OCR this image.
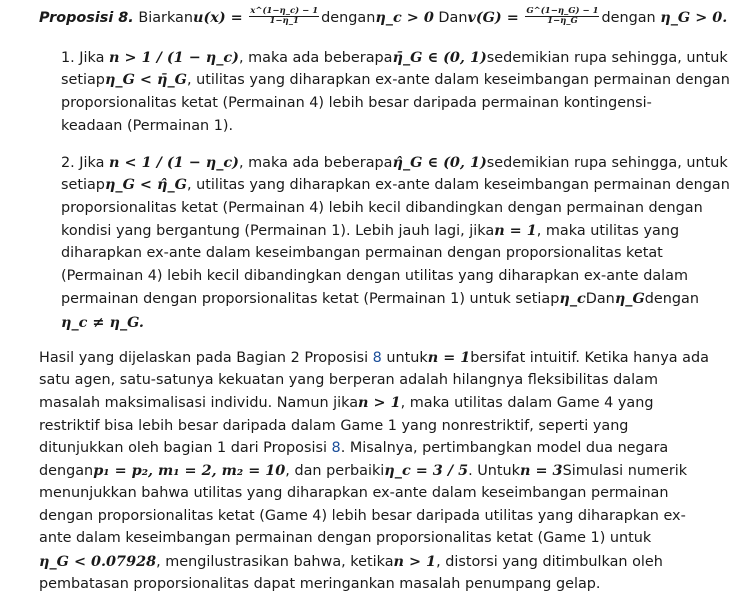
Proposisi 8. Biarkanu(x) = $\frac{x\^{}(1-\eta\_c) - 1}{1-\eta\_1}$ denganη_c > 0 Danv(G) = $\frac{G\^{}(1-\eta\_G) - 1}{1-\eta\_G}$ dengan η_G > 0.
1. Jika n > 1 / (1 − η_c), maka ada beberapaη̄_G ∈ (0, 1)sedemikian rupa sehingga, untuk
setiapη_G < η̄_G, utilitas yang diharapkan ex-ante dalam keseimbangan permainan dengan
proporsionalitas ketat (Permainan 4) lebih besar daripada permainan kontingensi-
keadaan (Permainan 1).
2. Jika n < 1 / (1 − η_c), maka ada beberapaη̂_G ∈ (0, 1)sedemikian rupa sehingga, untuk
setiapη_G < η̂_G, utilitas yang diharapkan ex-ante dalam keseimbangan permainan dengan
proporsionalitas ketat (Permainan 4) lebih kecil dibandingkan dengan permainan dengan
kondisi yang bergantung (Permainan 1). Lebih jauh lagi, jikan = 1, maka utilitas yang
diharapkan ex-ante dalam keseimbangan permainan dengan proporsionalitas ketat
(Permainan 4) lebih kecil dibandingkan dengan utilitas yang diharapkan ex-ante dalam
permainan dengan proporsionalitas ketat (Permainan 1) untuk setiapη_cDanη_Gdengan
η_c ≠ η_G.
Hasil yang dijelaskan pada Bagian 2 Proposisi 8 untukn = 1bersifat intuitif. Ketika hanya ada
satu agen, satu-satunya kekuatan yang berperan adalah hilangnya fleksibilitas dalam
masalah maksimalisasi individu. Namun jikan > 1, maka utilitas dalam Game 4 yang
restriktif bisa lebih besar daripada dalam Game 1 yang nonrestriktif, seperti yang
ditunjukkan oleh bagian 1 dari Proposisi 8. Misalnya, pertimbangkan model dua negara
denganp₁ = p₂, m₁ = 2, m₂ = 10, dan perbaikiη_c = 3 / 5. Untukn = 3Simulasi numerik
menunjukkan bahwa utilitas yang diharapkan ex-ante dalam keseimbangan permainan
dengan proporsionalitas ketat (Game 4) lebih besar daripada utilitas yang diharapkan ex-
ante dalam keseimbangan permainan dengan proporsionalitas ketat (Game 1) untuk
η_G < 0.07928, mengilustrasikan bahwa, ketikan > 1, distorsi yang ditimbulkan oleh
pembatasan proporsionalitas dapat meringankan masalah penumpang gelap.
